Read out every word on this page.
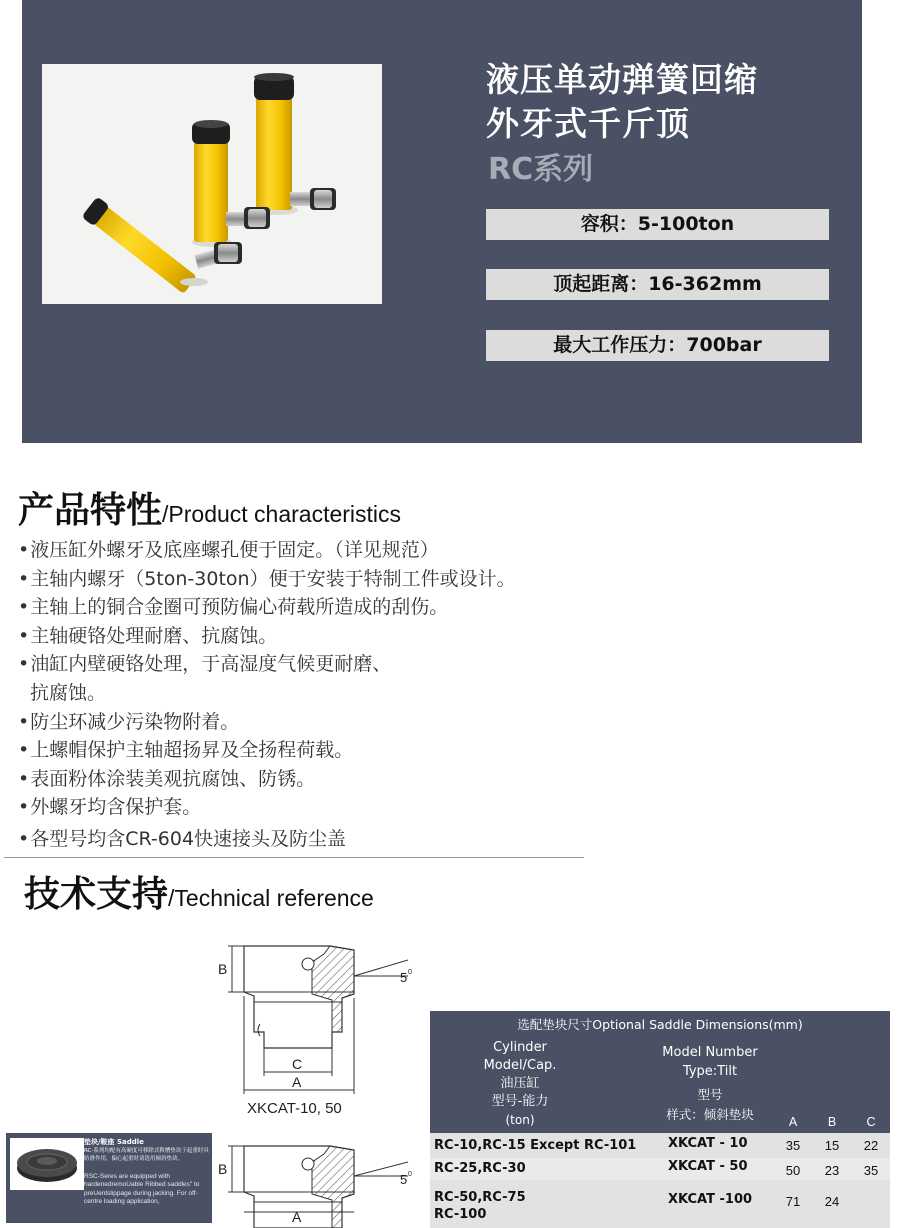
液压单动弹簧回缩
外牙式千斤顶
RC系列
容积：5-100ton
顶起距离：16-362mm
最大工作压力：700bar
产品特性/Product characteristics
• 液压缸外螺牙及底座螺孔便于固定。（详见规范）
• 主轴内螺牙（5ton-30ton）便于安装于特制工件或设计。
• 主轴上的铜合金圈可预防偏心荷载所造成的刮伤。
• 主轴硬铬处理耐磨、抗腐蚀。
• 油缸内壁硬铬处理，于高湿度气候更耐磨、
抗腐蚀。
• 防尘环减少污染物附着。
• 上螺帽保护主轴超扬昇及全扬程荷载。
• 表面粉体涂装美观抗腐蚀、防锈。
• 外螺牙均含保护套。
• 各型号均含CR-604快速接头及防尘盖
技术支持/Technical reference
B
5 0
C
A
XKCAT-10, 50
B
5 0
A
垫块/鞍座 Saddle
RC-系列均配有高硬度可移除式鞍槽垫块于起重时具防滑作用，偏心起重时请选用倾斜垫块。
RSC-Seres are equipped with hardenedremoUable Ribbed saddles" to preUentslippage during jacking. For off-centre loading application,
选配垫块尺寸Optional Saddle Dimensions(mm)
Cylinder
Model/Cap.
油压缸
型号-能力
(ton)
Model Number
Type:Tilt
型号
样式：倾斜垫块	A	B	C
RC-10,RC-15 Except RC-101 XKCAT - 10	35	15	22
RC-25,RC-30	XKCAT - 50	50	23	35
RC-50,RC-75
RC-100
XKCAT -100	71	24
